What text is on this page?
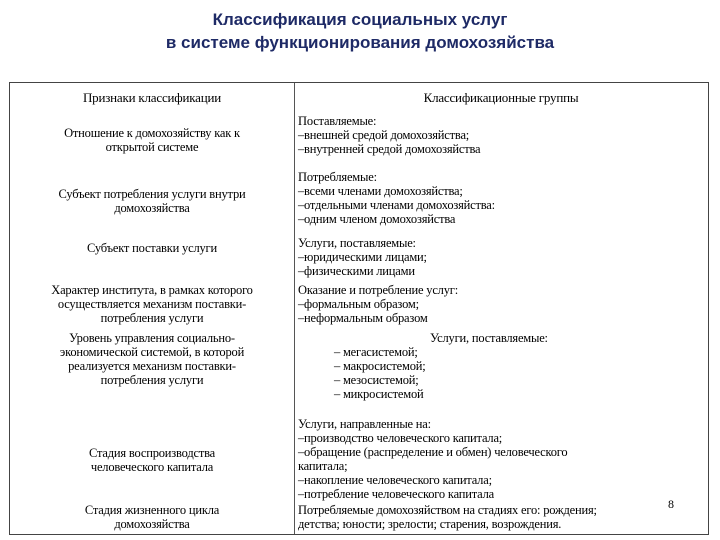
Классификация социальных услуг
в системе функционирования домохозяйства
Признаки классификации	Классификационные группы
Отношение к домохозяйству как к
открытой системе
Поставляемые:
–внешней средой домохозяйства;
–внутренней средой домохозяйства
Субъект потребления услуги внутри
домохозяйства
Потребляемые:
–всеми членами домохозяйства;
–отдельными членами домохозяйства:
–одним членом домохозяйства
Субъект поставки услуги	Услуги, поставляемые:
–юридическими лицами;
–физическими лицами
Характер института, в рамках которого
осуществляется механизм поставки-
потребления услуги
Оказание и потребление услуг:
–формальным образом;
–неформальным образом
Уровень управления социально-
экономической системой, в которой
реализуется механизм поставки-
потребления услуги
Услуги, поставляемые:
– мегасистемой;
– макросистемой;
– мезосистемой;
– микросистемой
Стадия воспроизводства
человеческого капитала
Услуги, направленные на:
–производство человеческого капитала;
–обращение (распределение и обмен) человеческого
капитала;
–накопление человеческого капитала;
–потребление человеческого капитала
Стадия жизненного цикла
домохозяйства
Потребляемые домохозяйством на стадиях его: рождения;
детства; юности; зрелости; старения, возрождения.
8
